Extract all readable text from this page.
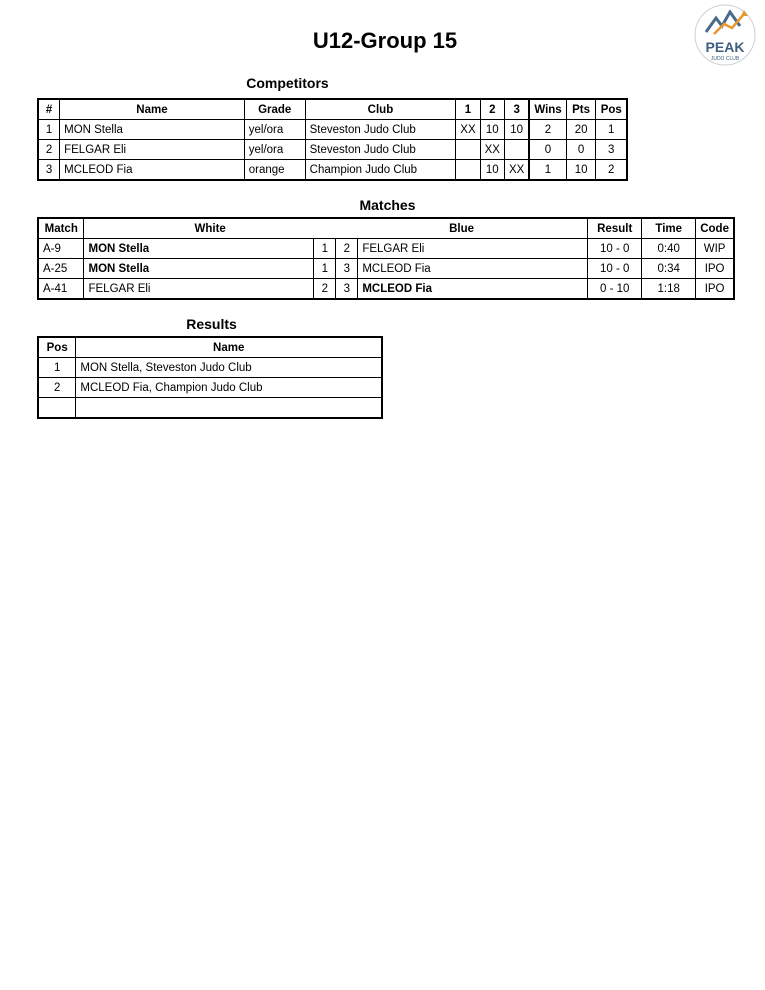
U12-Group 15	PEAK
JUDO CLUB
Competitors
#	Name	Grade	Club	1	2	3	Wins	Pts	Pos
1	MON Stella	yel/ora	Steveston Judo Club	XX	10	10	2	20	1
2	FELGAR Eli	yel/ora	Steveston Judo Club		XX		0	0	3
3	MCLEOD Fia	orange	Champion Judo Club		10	XX	1	10	2
Matches
Match	White		Blue		Result	Time	Code
A-9	MON Stella	1	2	FELGAR Eli	10 - 0	0:40	WIP
A-25	MON Stella	1	3	MCLEOD Fia	10 - 0	0:34	IPO
A-41	FELGAR Eli	2	3	MCLEOD Fia	0 - 10	1:18	IPO
Results
Pos	Name
1	MON Stella, Steveston Judo Club
2	MCLEOD Fia, Champion Judo Club
